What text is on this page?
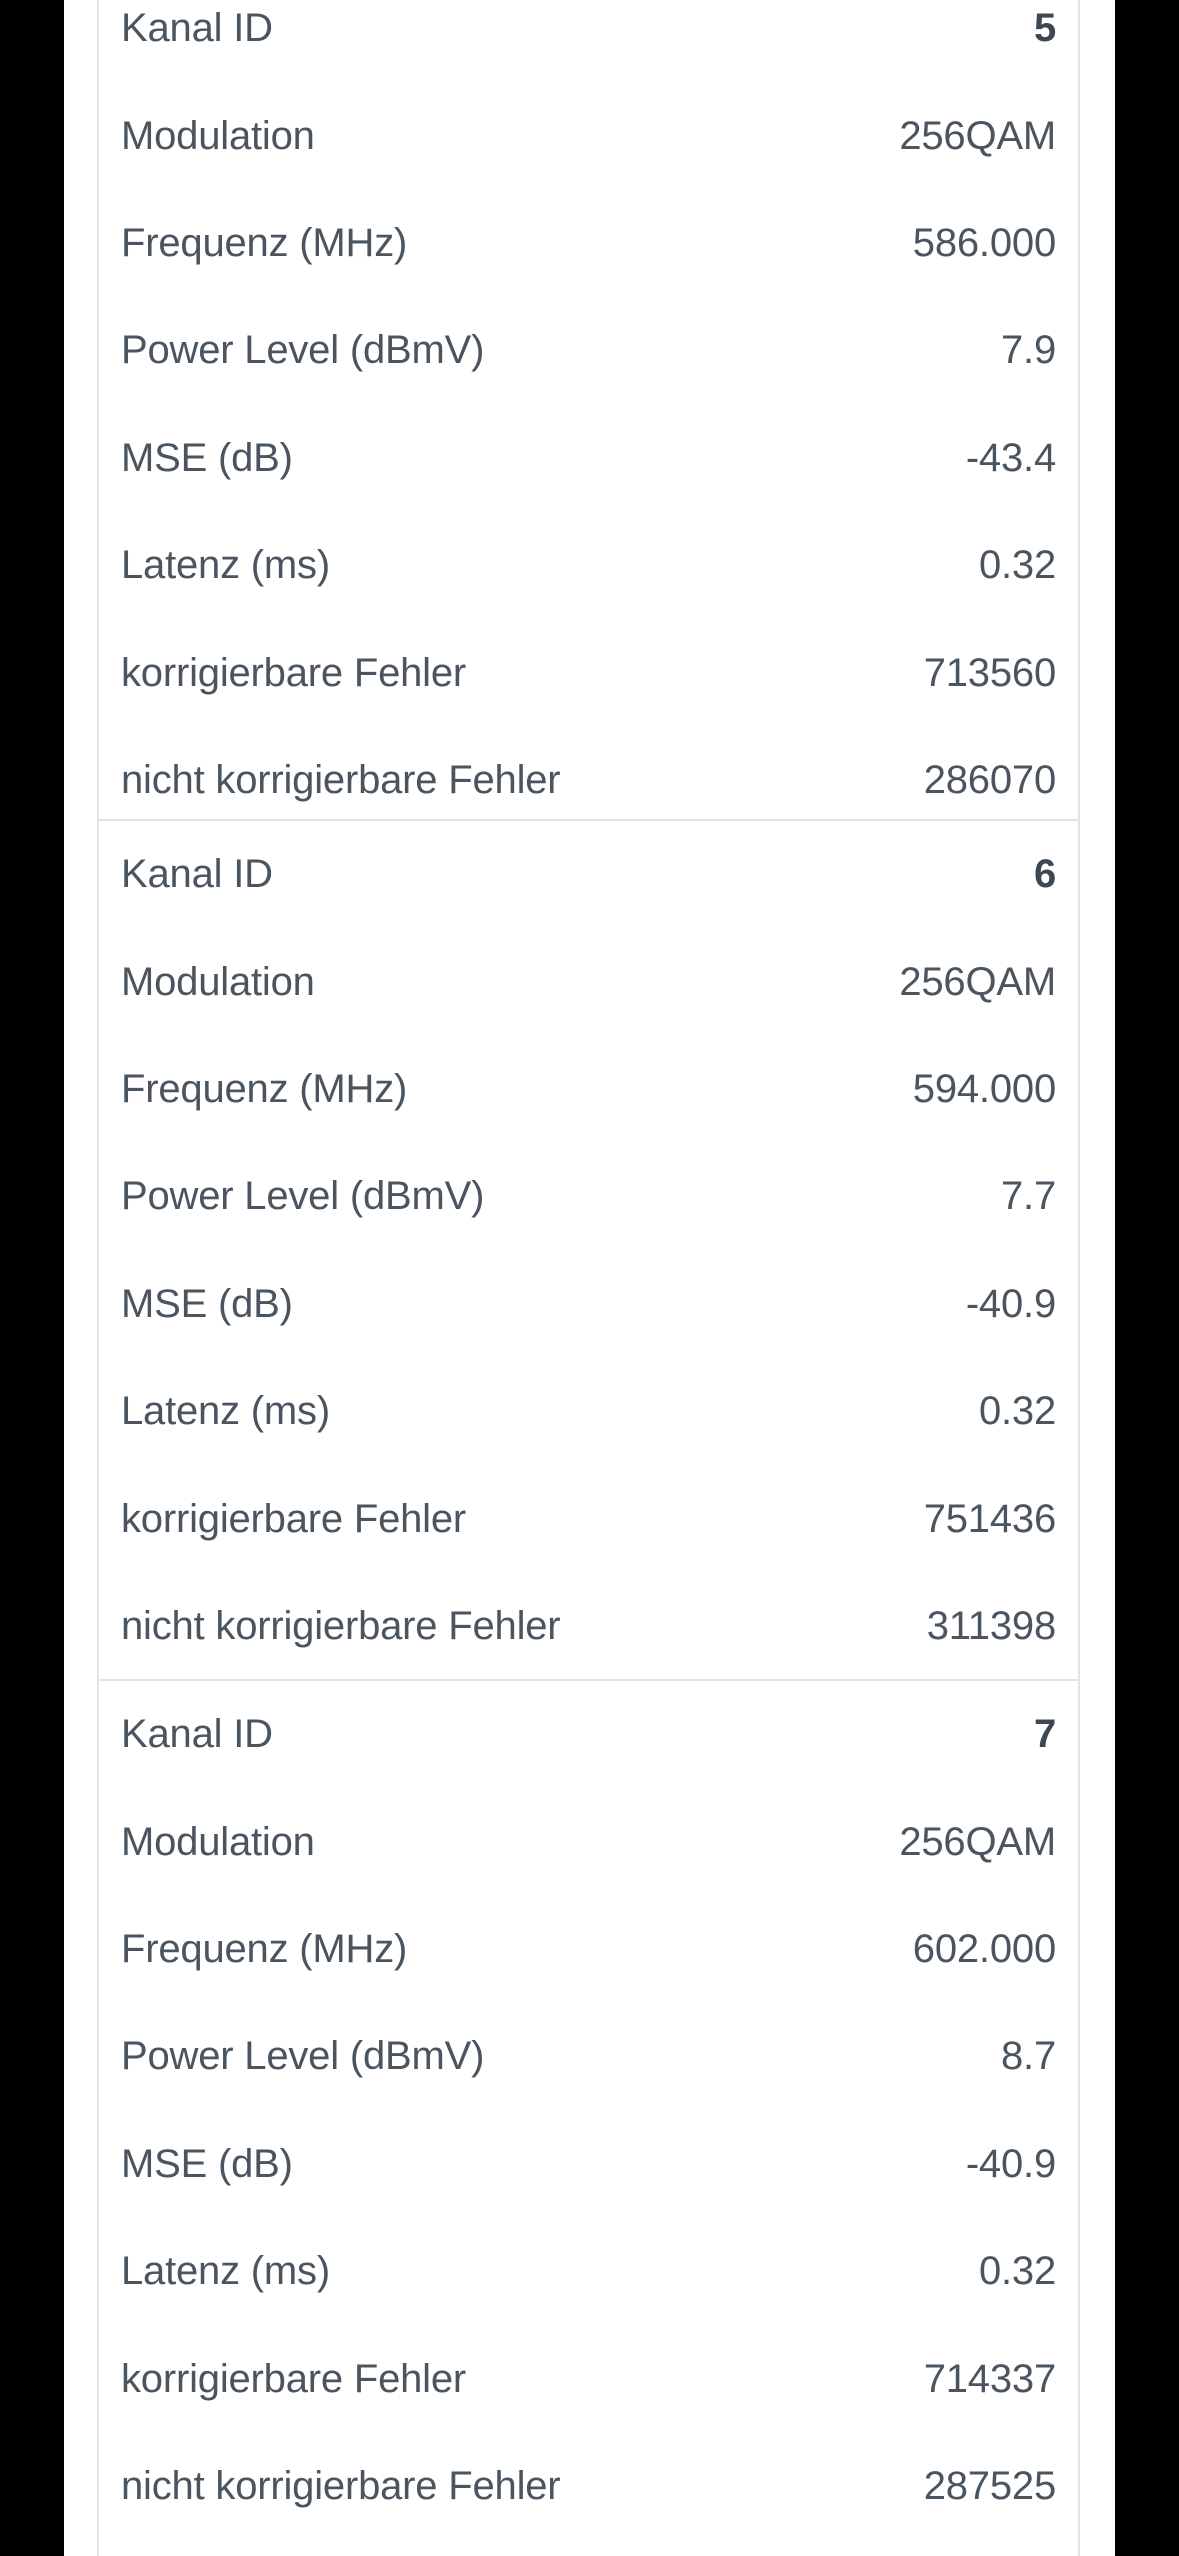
Kanal ID	5
Modulation	256QAM
Frequenz (MHz)	586.000
Power Level (dBmV)	7.9
MSE (dB)	-43.4
Latenz (ms)	0.32
korrigierbare Fehler	713560
nicht korrigierbare Fehler	286070
Kanal ID	6
Modulation	256QAM
Frequenz (MHz)	594.000
Power Level (dBmV)	7.7
MSE (dB)	-40.9
Latenz (ms)	0.32
korrigierbare Fehler	751436
nicht korrigierbare Fehler	311398
Kanal ID	7
Modulation	256QAM
Frequenz (MHz)	602.000
Power Level (dBmV)	8.7
MSE (dB)	-40.9
Latenz (ms)	0.32
korrigierbare Fehler	714337
nicht korrigierbare Fehler	287525
